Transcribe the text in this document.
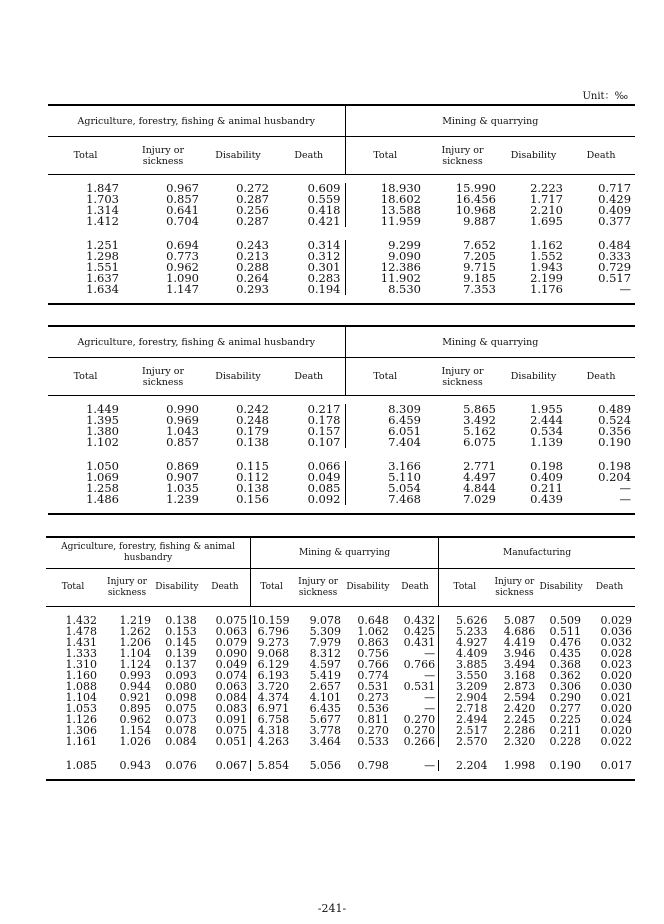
Unit：‰
Agriculture, forestry, fishing & animal husbandry				Mining & quarrying			
Total	Injury or sickness	Disability	Death	Total	Injury or sickness	Disability	Death

1.847	0.967	0.272	0.609	18.930	15.990	2.223	0.717
1.703	0.857	0.287	0.559	18.602	16.456	1.717	0.429
1.314	0.641	0.256	0.418	13.588	10.968	2.210	0.409
1.412	0.704	0.287	0.421	11.959	9.887	1.695	0.377

1.251	0.694	0.243	0.314	9.299	7.652	1.162	0.484
1.298	0.773	0.213	0.312	9.090	7.205	1.552	0.333
1.551	0.962	0.288	0.301	12.386	9.715	1.943	0.729
1.637	1.090	0.264	0.283	11.902	9.185	2.199	0.517
1.634	1.147	0.293	0.194	8.530	7.353	1.176	—

Agriculture, forestry, fishing & animal husbandry				Mining & quarrying			
Total	Injury or sickness	Disability	Death	Total	Injury or sickness	Disability	Death

1.449	0.990	0.242	0.217	8.309	5.865	1.955	0.489
1.395	0.969	0.248	0.178	6.459	3.492	2.444	0.524
1.380	1.043	0.179	0.157	6.051	5.162	0.534	0.356
1.102	0.857	0.138	0.107	7.404	6.075	1.139	0.190

1.050	0.869	0.115	0.066	3.166	2.771	0.198	0.198
1.069	0.907	0.112	0.049	5.110	4.497	0.409	0.204
1.258	1.035	0.138	0.085	5.054	4.844	0.211	—
1.486	1.239	0.156	0.092	7.468	7.029	0.439	—

Agriculture, forestry, fishing & animal husbandry				Mining & quarrying				Manufacturing			
Total	Injury or sickness	Disability	Death	Total	Injury or sickness	Disability	Death	Total	Injury or sickness	Disability	Death

1.432	1.219	0.138	0.075	10.159	9.078	0.648	0.432	5.626	5.087	0.509	0.029
1.478	1.262	0.153	0.063	6.796	5.309	1.062	0.425	5.233	4.686	0.511	0.036
1.431	1.206	0.145	0.079	9.273	7.979	0.863	0.431	4.927	4.419	0.476	0.032
1.333	1.104	0.139	0.090	9.068	8.312	0.756	—	4.409	3.946	0.435	0.028
1.310	1.124	0.137	0.049	6.129	4.597	0.766	0.766	3.885	3.494	0.368	0.023
1.160	0.993	0.093	0.074	6.193	5.419	0.774	—	3.550	3.168	0.362	0.020
1.088	0.944	0.080	0.063	3.720	2.657	0.531	0.531	3.209	2.873	0.306	0.030
1.104	0.921	0.098	0.084	4.374	4.101	0.273	—	2.904	2.594	0.290	0.021
1.053	0.895	0.075	0.083	6.971	6.435	0.536	—	2.718	2.420	0.277	0.020
1.126	0.962	0.073	0.091	6.758	5.677	0.811	0.270	2.494	2.245	0.225	0.024
1.306	1.154	0.078	0.075	4.318	3.778	0.270	0.270	2.517	2.286	0.211	0.020
1.161	1.026	0.084	0.051	4.263	3.464	0.533	0.266	2.570	2.320	0.228	0.022

1.085	0.943	0.076	0.067	5.854	5.056	0.798	—	2.204	1.998	0.190	0.017

-241-
